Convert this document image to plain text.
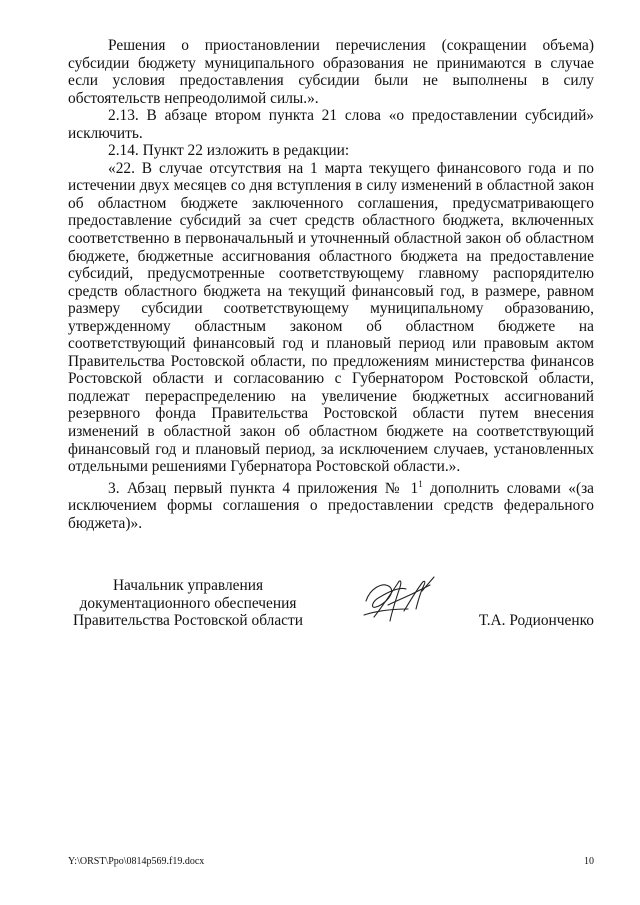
Решения о приостановлении перечисления (сокращении объема) субсидии бюджету муниципального образования не принимаются в случае если условия предоставления субсидии были не выполнены в силу обстоятельств непреодолимой силы.».

2.13. В абзаце втором пункта 21 слова «о предоставлении субсидий» исключить.

2.14. Пункт 22 изложить в редакции:

«22. В случае отсутствия на 1 марта текущего финансового года и по истечении двух месяцев со дня вступления в силу изменений в областной закон об областном бюджете заключенного соглашения, предусматривающего предоставление субсидий за счет средств областного бюджета, включенных соответственно в первоначальный и уточненный областной закон об областном бюджете, бюджетные ассигнования областного бюджета на предоставление субсидий, предусмотренные соответствующему главному распорядителю средств областного бюджета на текущий финансовый год, в размере, равном размеру субсидии соответствующему муниципальному образованию, утвержденному областным законом об областном бюджете на соответствующий финансовый год и плановый период или правовым актом Правительства Ростовской области, по предложениям министерства финансов Ростовской области и согласованию с Губернатором Ростовской области, подлежат перераспределению на увеличение бюджетных ассигнований резервного фонда Правительства Ростовской области путем внесения изменений в областной закон об областном бюджете на соответствующий финансовый год и плановый период, за исключением случаев, установленных отдельными решениями Губернатора Ростовской области.».

3. Абзац первый пункта 4 приложения № $1^1$ дополнить словами «(за исключением формы соглашения о предоставлении средств федерального бюджета)».

Начальник управления
документационного обеспечения
Правительства Ростовской области	Т.А. Родионченко
Y:\ORST\Ppo\0814p569.f19.docx	10
